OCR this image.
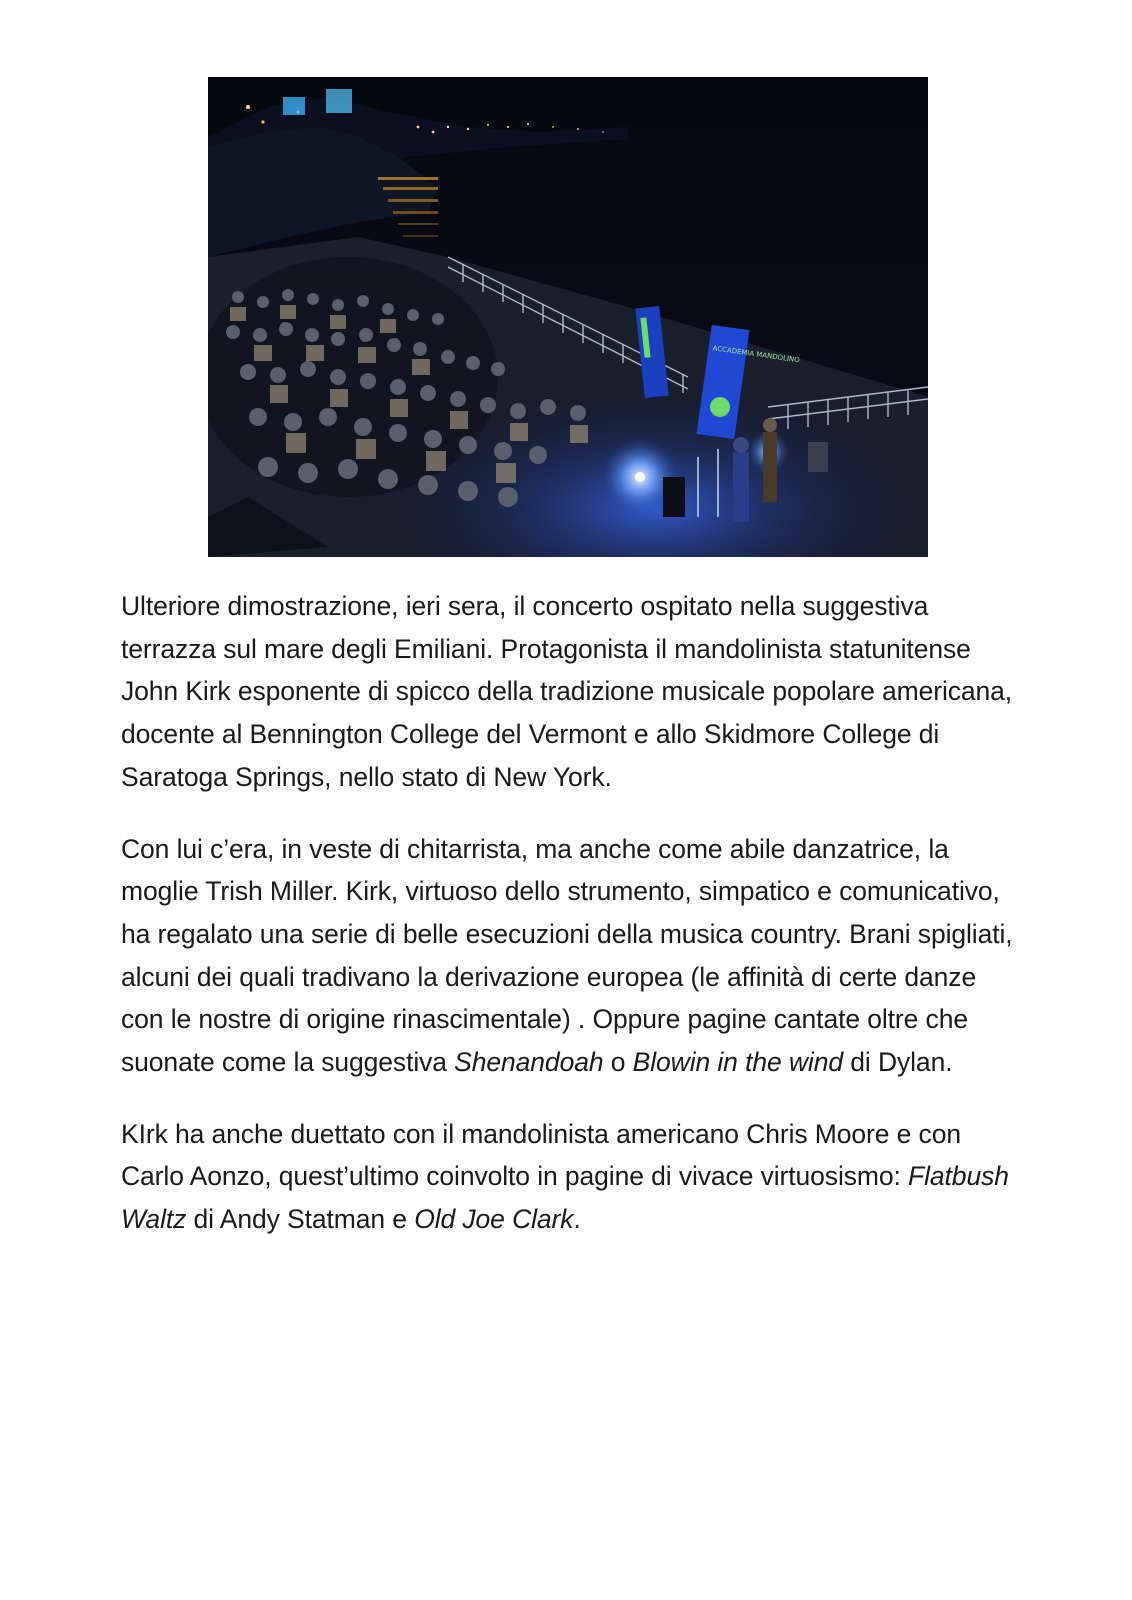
ACCADEMIA MANDOLINO

Ulteriore dimostrazione, ieri sera, il concerto ospitato nella suggestiva terrazza sul mare degli Emiliani. Protagonista il mandolinista statunitense John Kirk esponente di spicco della tradizione musicale popolare americana, docente al Bennington College del Vermont e allo Skidmore College di Saratoga Springs, nello stato di New York.

Con lui c’era, in veste di chitarrista, ma anche come abile danzatrice, la moglie Trish Miller. Kirk, virtuoso dello strumento, simpatico e comunicativo, ha regalato una serie di belle esecuzioni della musica country. Brani spigliati, alcuni dei quali tradivano la derivazione europea (le affinità di certe danze con le nostre di origine rinascimentale) . Oppure pagine cantate oltre che suonate come la suggestiva Shenandoah o Blowin in the wind di Dylan.

KIrk ha anche duettato con il mandolinista americano Chris Moore e con Carlo Aonzo, quest’ultimo coinvolto in pagine di vivace virtuosismo: Flatbush Waltz di Andy Statman e Old Joe Clark.
